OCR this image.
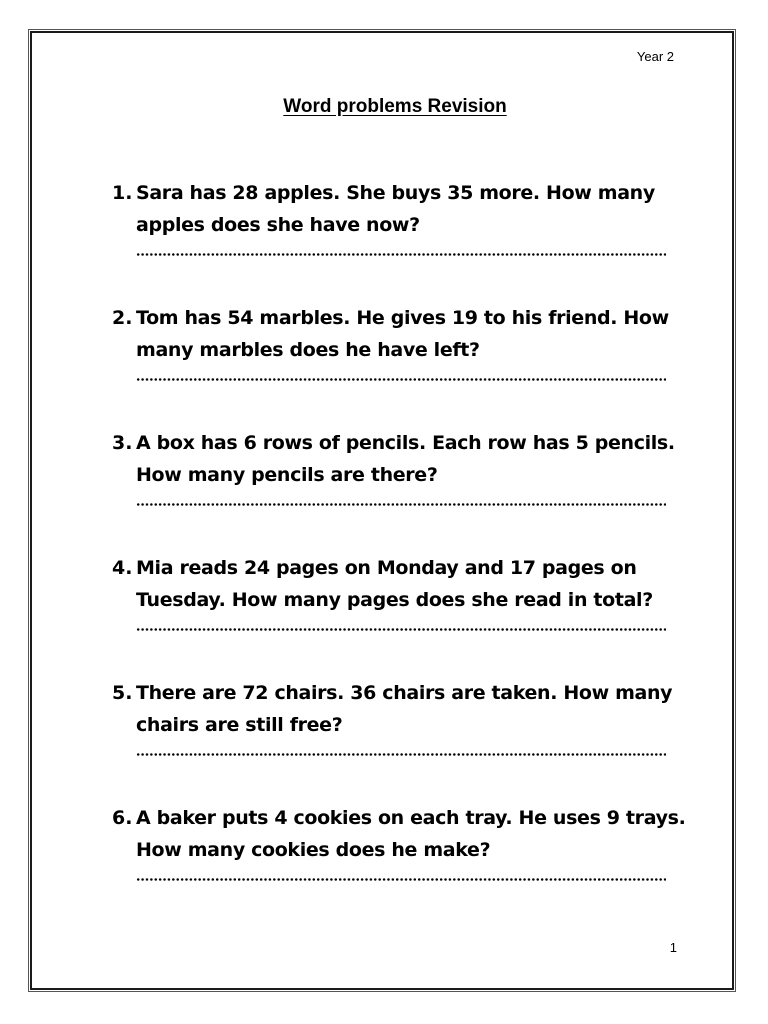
Year 2
Word problems Revision
1. Sara has 28 apples. She buys 35 more. How many apples does she have now?
2. Tom has 54 marbles. He gives 19 to his friend. How many marbles does he have left?
3. A box has 6 rows of pencils. Each row has 5 pencils. How many pencils are there?
4. Mia reads 24 pages on Monday and 17 pages on Tuesday. How many pages does she read in total?
5. There are 72 chairs. 36 chairs are taken. How many chairs are still free?
6. A baker puts 4 cookies on each tray. He uses 9 trays. How many cookies does he make?
1
